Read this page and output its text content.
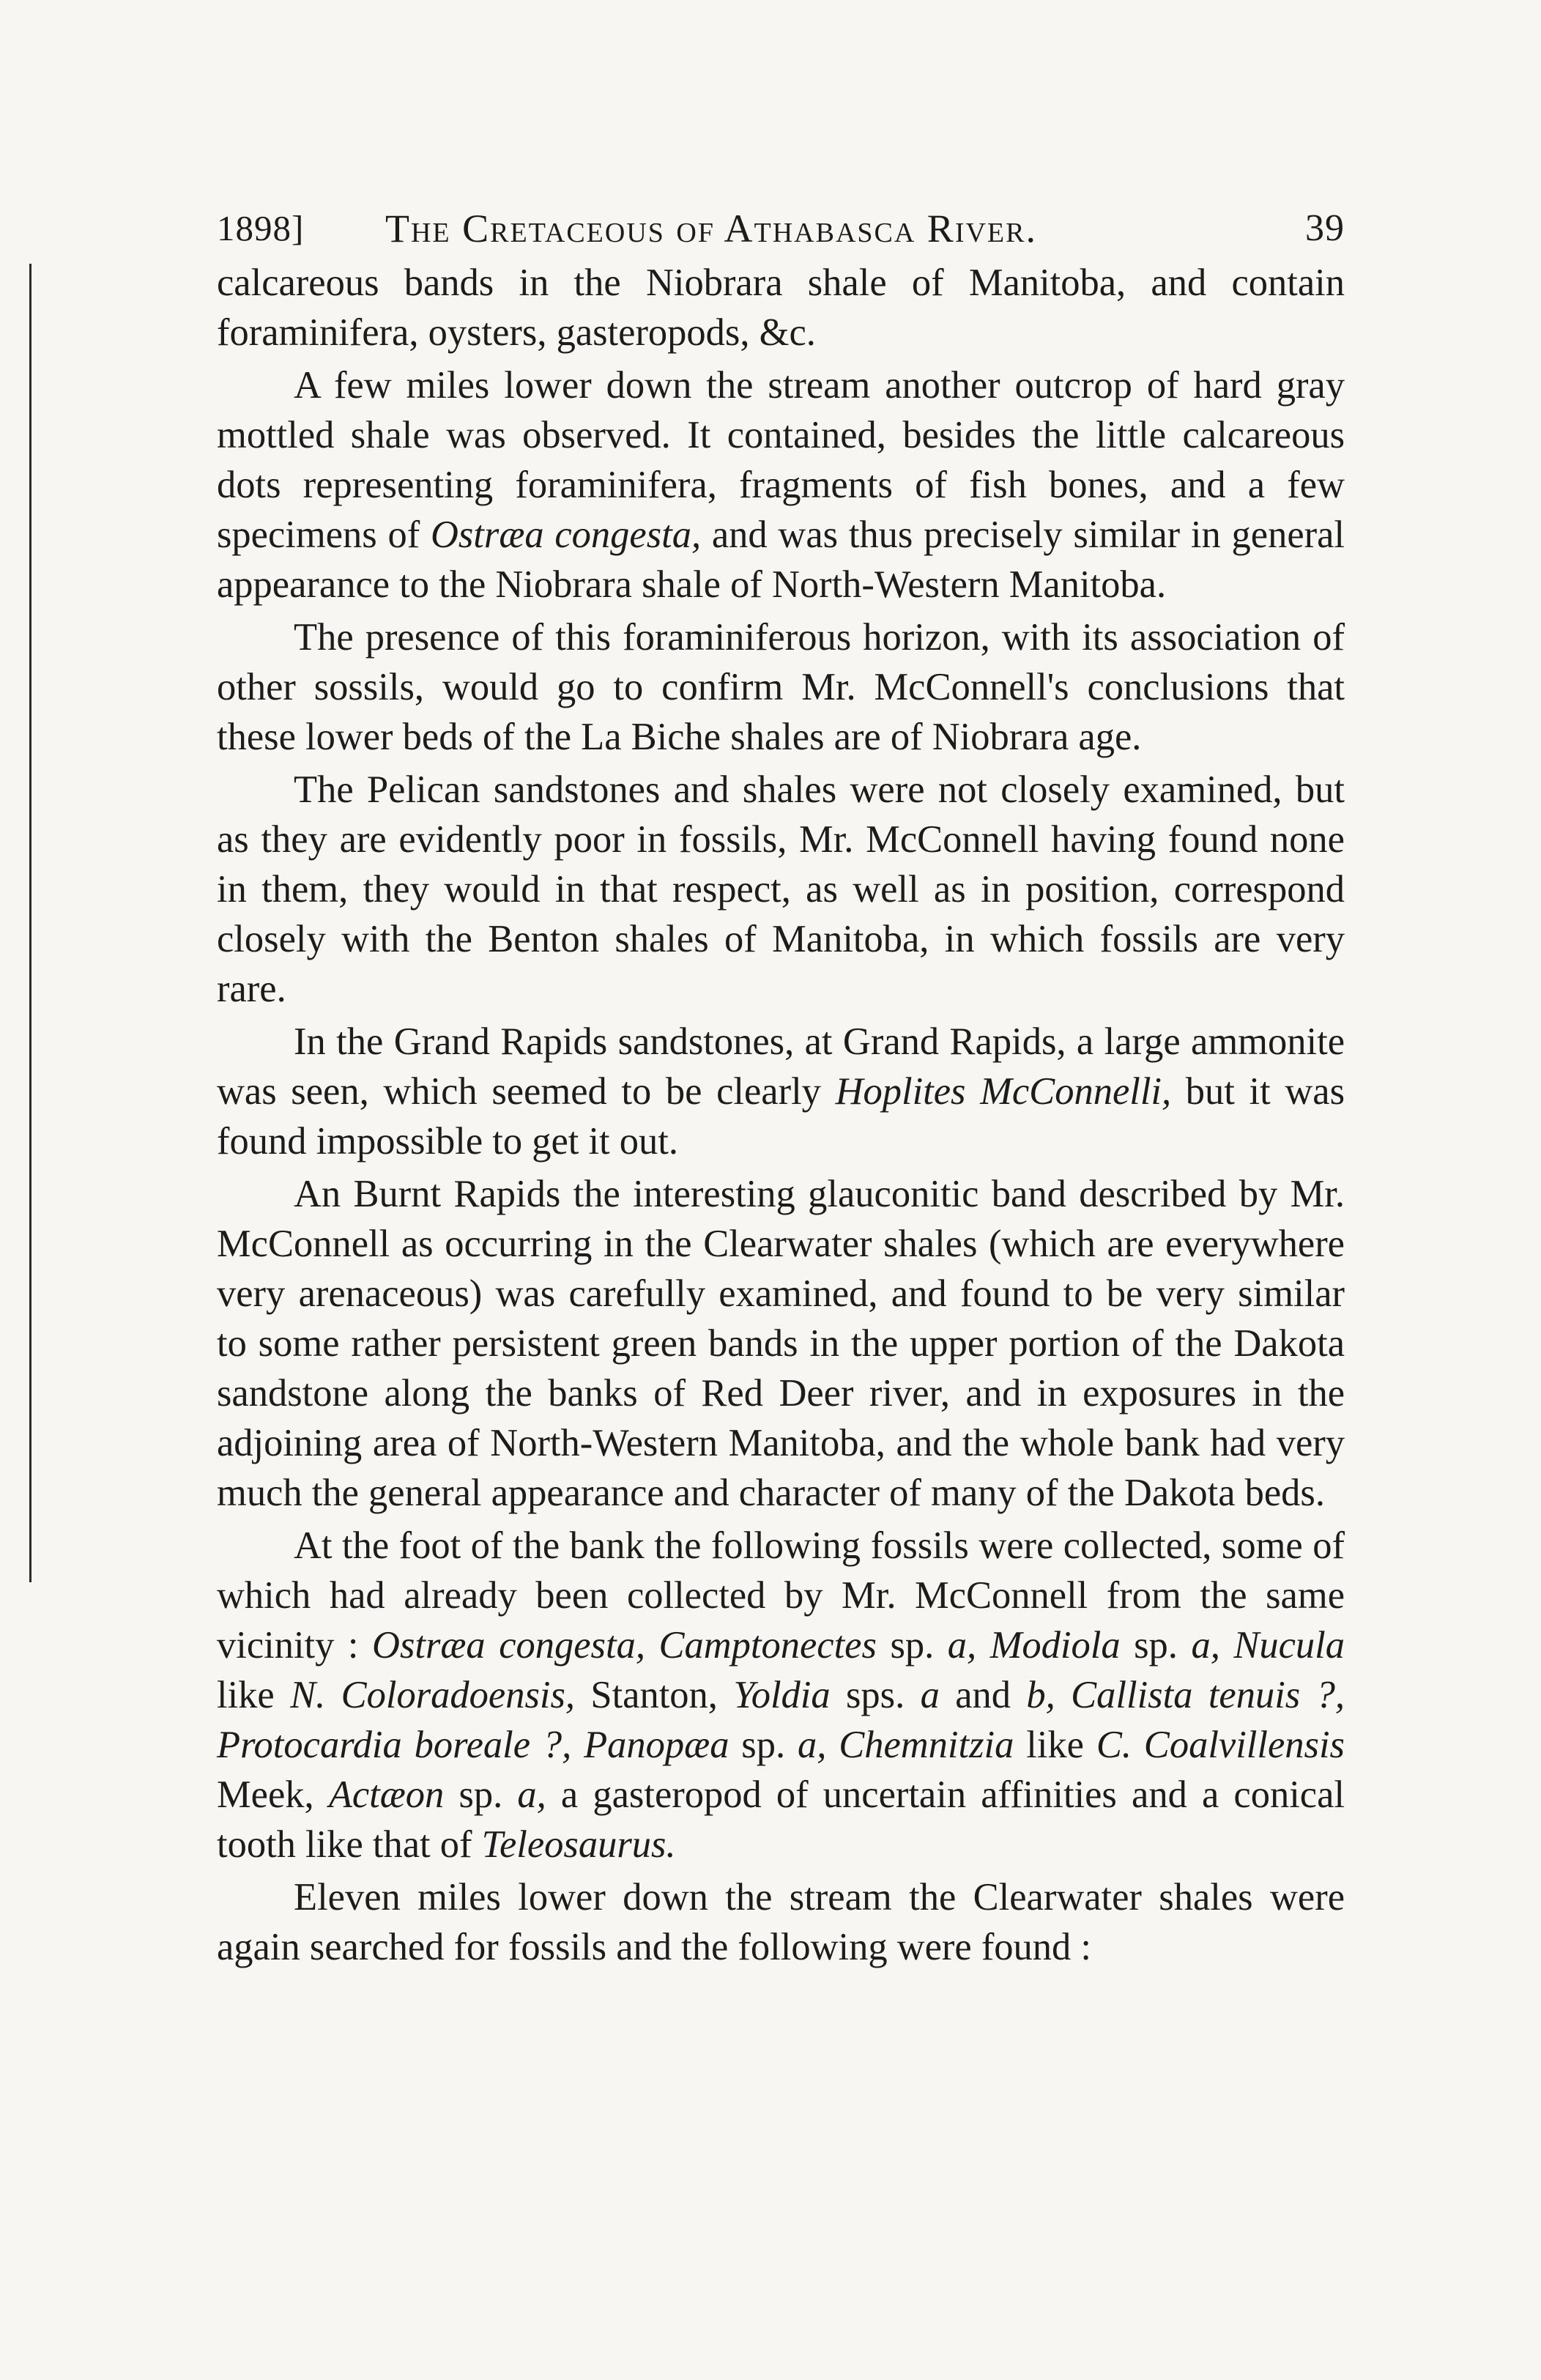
1898] The Cretaceous of Athabasca River.	39

calcareous bands in the Niobrara shale of Manitoba, and contain foraminifera, oysters, gasteropods, &c.

A few miles lower down the stream another outcrop of hard gray mottled shale was observed. It contained, besides the little calcareous dots representing foraminifera, fragments of fish bones, and a few specimens of Ostræa congesta, and was thus precisely similar in general appearance to the Niobrara shale of North-Western Manitoba.

The presence of this foraminiferous horizon, with its association of other sossils, would go to confirm Mr. McConnell's conclusions that these lower beds of the La Biche shales are of Niobrara age.

The Pelican sandstones and shales were not closely examined, but as they are evidently poor in fossils, Mr. McConnell having found none in them, they would in that respect, as well as in position, correspond closely with the Benton shales of Manitoba, in which fossils are very rare.

In the Grand Rapids sandstones, at Grand Rapids, a large ammonite was seen, which seemed to be clearly Hoplites McConnelli, but it was found impossible to get it out.

An Burnt Rapids the interesting glauconitic band described by Mr. McConnell as occurring in the Clearwater shales (which are everywhere very arenaceous) was carefully examined, and found to be very similar to some rather persistent green bands in the upper portion of the Dakota sandstone along the banks of Red Deer river, and in exposures in the adjoining area of North-Western Manitoba, and the whole bank had very much the general appearance and character of many of the Dakota beds.

At the foot of the bank the following fossils were collected, some of which had already been collected by Mr. McConnell from the same vicinity : Ostræa congesta, Camptonectes sp. a, Modiola sp. a, Nucula like N. Coloradoensis, Stanton, Yoldia sps. a and b, Callista tenuis ?, Protocardia boreale ?, Panopæa sp. a, Chemnitzia like C. Coalvillensis Meek, Actæon sp. a, a gasteropod of uncertain affinities and a conical tooth like that of Teleosaurus.

Eleven miles lower down the stream the Clearwater shales were again searched for fossils and the following were found :
